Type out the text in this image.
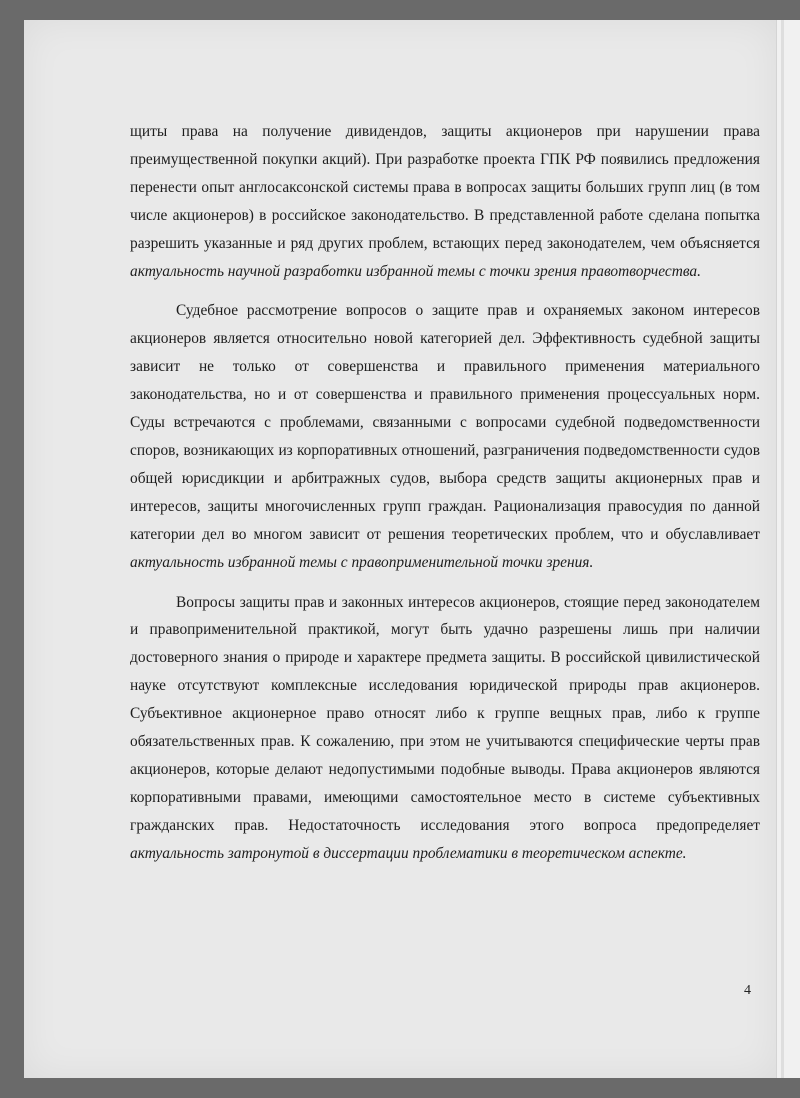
щиты права на получение дивидендов, защиты акционеров при нарушении права преимущественной покупки акций). При разработке проекта ГПК РФ появились предложения перенести опыт англосаксонской системы права в вопросах защиты больших групп лиц (в том числе акционеров) в российское законодательство. В представленной работе сделана попытка разрешить указанные и ряд других проблем, встающих перед законодателем, чем объясняется актуальность научной разработки избранной темы с точки зрения правотворчества.

Судебное рассмотрение вопросов о защите прав и охраняемых законом интересов акционеров является относительно новой категорией дел. Эффективность судебной защиты зависит не только от совершенства и правильного применения материального законодательства, но и от совершенства и правильного применения процессуальных норм. Суды встречаются с проблемами, связанными с вопросами судебной подведомственности споров, возникающих из корпоративных отношений, разграничения подведомственности судов общей юрисдикции и арбитражных судов, выбора средств защиты акционерных прав и интересов, защиты многочисленных групп граждан. Рационализация правосудия по данной категории дел во многом зависит от решения теоретических проблем, что и обуславливает актуальность избранной темы с правоприменительной точки зрения.

Вопросы защиты прав и законных интересов акционеров, стоящие перед законодателем и правоприменительной практикой, могут быть удачно разрешены лишь при наличии достоверного знания о природе и характере предмета защиты. В российской цивилистической науке отсутствуют комплексные исследования юридической природы прав акционеров. Субъективное акционерное право относят либо к группе вещных прав, либо к группе обязательственных прав. К сожалению, при этом не учитываются специфические черты прав акционеров, которые делают недопустимыми подобные выводы. Права акционеров являются корпоративными правами, имеющими самостоятельное место в системе субъективных гражданских прав. Недостаточность исследования этого вопроса предопределяет актуальность затронутой в диссертации проблематики в теоретическом аспекте.

4
